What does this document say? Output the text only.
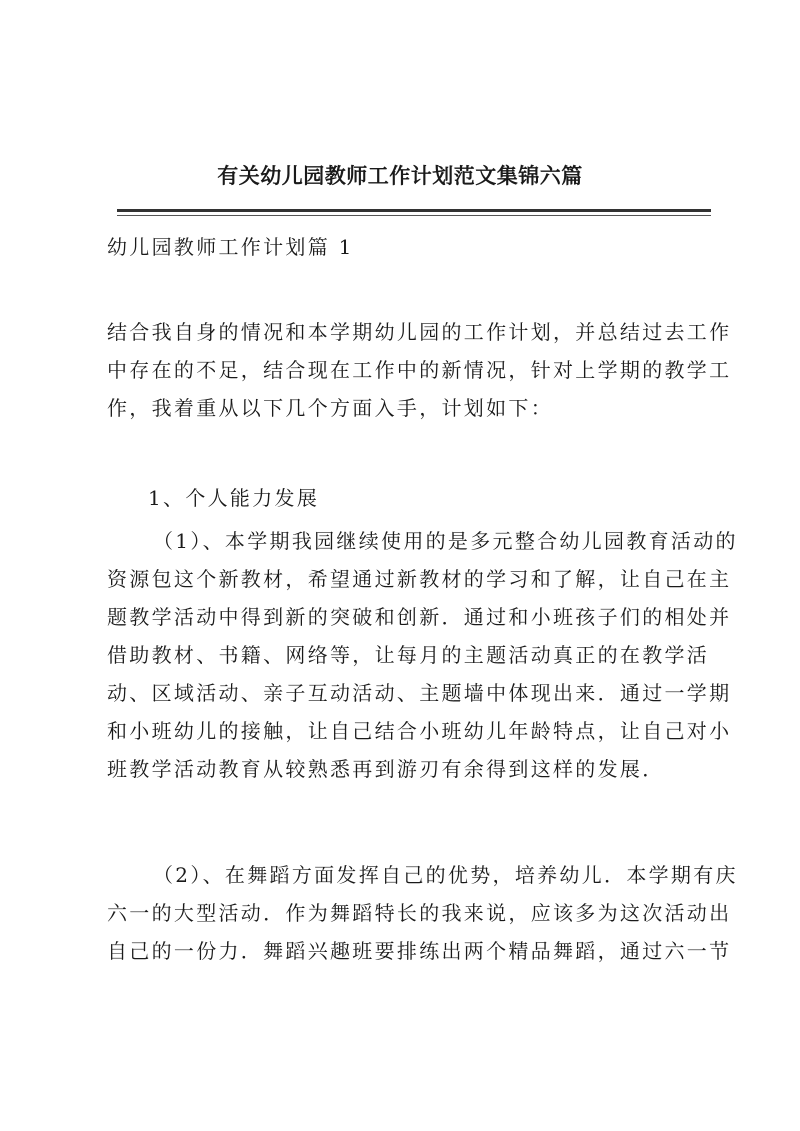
有关幼儿园教师工作计划范文集锦六篇
幼儿园教师工作计划篇 1
结合我自身的情况和本学期幼儿园的工作计划，并总结过去工作
中存在的不足，结合现在工作中的新情况，针对上学期的教学工
作，我着重从以下几个方面入手，计划如下：
1、个人能力发展
（1）、本学期我园继续使用的是多元整合幼儿园教育活动的
资源包这个新教材，希望通过新教材的学习和了解，让自己在主
题教学活动中得到新的突破和创新．通过和小班孩子们的相处并
借助教材、书籍、网络等，让每月的主题活动真正的在教学活
动、区域活动、亲子互动活动、主题墙中体现出来．通过一学期
和小班幼儿的接触，让自己结合小班幼儿年龄特点，让自己对小
班教学活动教育从较熟悉再到游刃有余得到这样的发展．
（2）、在舞蹈方面发挥自己的优势，培养幼儿．本学期有庆
六一的大型活动．作为舞蹈特长的我来说，应该多为这次活动出
自己的一份力．舞蹈兴趣班要排练出两个精品舞蹈，通过六一节
